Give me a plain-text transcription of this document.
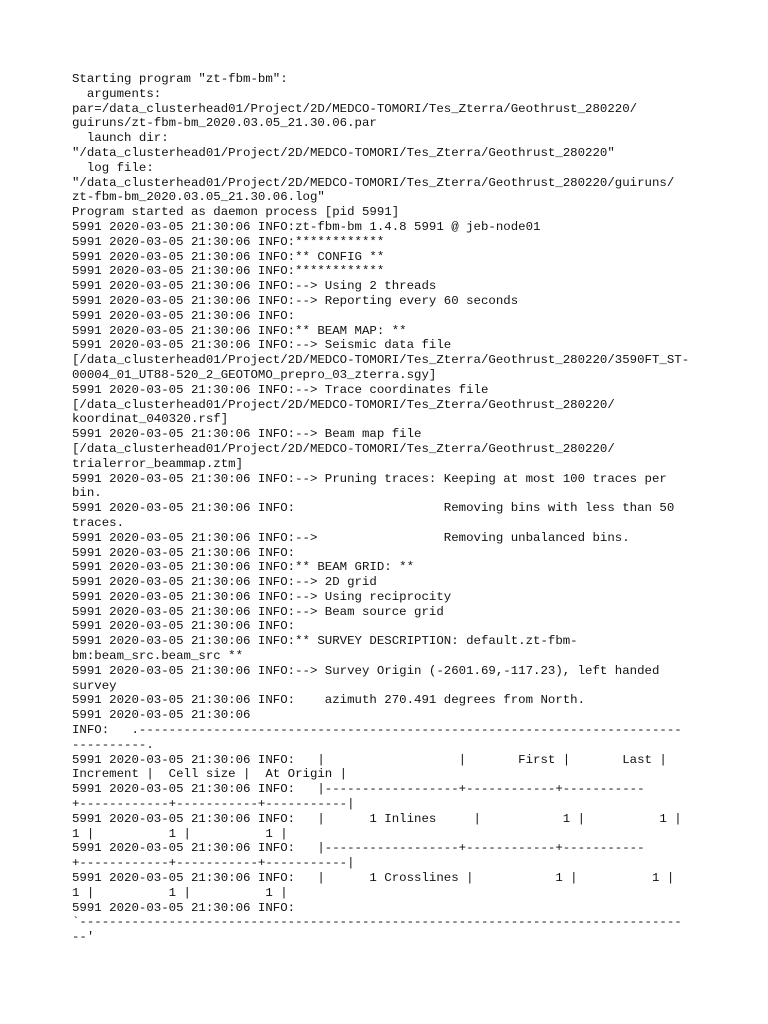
Starting program "zt-fbm-bm":
arguments:
par=/data_clusterhead01/Project/2D/MEDCO-TOMORI/Tes_Zterra/Geothrust_280220/
guiruns/zt-fbm-bm_2020.03.05_21.30.06.par
launch dir:
"/data_clusterhead01/Project/2D/MEDCO-TOMORI/Tes_Zterra/Geothrust_280220"
log file:
"/data_clusterhead01/Project/2D/MEDCO-TOMORI/Tes_Zterra/Geothrust_280220/guiruns/
zt-fbm-bm_2020.03.05_21.30.06.log"
Program started as daemon process [pid 5991]
5991 2020-03-05 21:30:06 INFO:zt-fbm-bm 1.4.8 5991 @ jeb-node01
5991 2020-03-05 21:30:06 INFO:************
5991 2020-03-05 21:30:06 INFO:** CONFIG **
5991 2020-03-05 21:30:06 INFO:************
5991 2020-03-05 21:30:06 INFO:--> Using 2 threads
5991 2020-03-05 21:30:06 INFO:--> Reporting every 60 seconds
5991 2020-03-05 21:30:06 INFO:
5991 2020-03-05 21:30:06 INFO:** BEAM MAP: **
5991 2020-03-05 21:30:06 INFO:--> Seismic data file
[/data_clusterhead01/Project/2D/MEDCO-TOMORI/Tes_Zterra/Geothrust_280220/3590FT_ST-
00004_01_UT88-520_2_GEOTOMO_prepro_03_zterra.sgy]
5991 2020-03-05 21:30:06 INFO:--> Trace coordinates file
[/data_clusterhead01/Project/2D/MEDCO-TOMORI/Tes_Zterra/Geothrust_280220/
koordinat_040320.rsf]
5991 2020-03-05 21:30:06 INFO:--> Beam map file
[/data_clusterhead01/Project/2D/MEDCO-TOMORI/Tes_Zterra/Geothrust_280220/
trialerror_beammap.ztm]
5991 2020-03-05 21:30:06 INFO:--> Pruning traces: Keeping at most 100 traces per
bin.
5991 2020-03-05 21:30:06 INFO:                    Removing bins with less than 50
traces.
5991 2020-03-05 21:30:06 INFO:-->                 Removing unbalanced bins.
5991 2020-03-05 21:30:06 INFO:
5991 2020-03-05 21:30:06 INFO:** BEAM GRID: **
5991 2020-03-05 21:30:06 INFO:--> 2D grid
5991 2020-03-05 21:30:06 INFO:--> Using reciprocity
5991 2020-03-05 21:30:06 INFO:--> Beam source grid
5991 2020-03-05 21:30:06 INFO:
5991 2020-03-05 21:30:06 INFO:** SURVEY DESCRIPTION: default.zt-fbm-
bm:beam_src.beam_src **
5991 2020-03-05 21:30:06 INFO:--> Survey Origin (-2601.69,-117.23), left handed
survey
5991 2020-03-05 21:30:06 INFO:    azimuth 270.491 degrees from North.
5991 2020-03-05 21:30:06
INFO:   .-------------------------------------------------------------------------
----------.
5991 2020-03-05 21:30:06 INFO:   |                  |       First |       Last |
Increment |  Cell size |  At Origin |
5991 2020-03-05 21:30:06 INFO:   |------------------+------------+-----------
+------------+-----------+-----------|
5991 2020-03-05 21:30:06 INFO:   |      1 Inlines     |           1 |          1 |
1 |          1 |          1 |
5991 2020-03-05 21:30:06 INFO:   |------------------+------------+-----------
+------------+-----------+-----------|
5991 2020-03-05 21:30:06 INFO:   |      1 Crosslines |           1 |          1 |
1 |          1 |          1 |
5991 2020-03-05 21:30:06 INFO:
`---------------------------------------------------------------------------------
--'
